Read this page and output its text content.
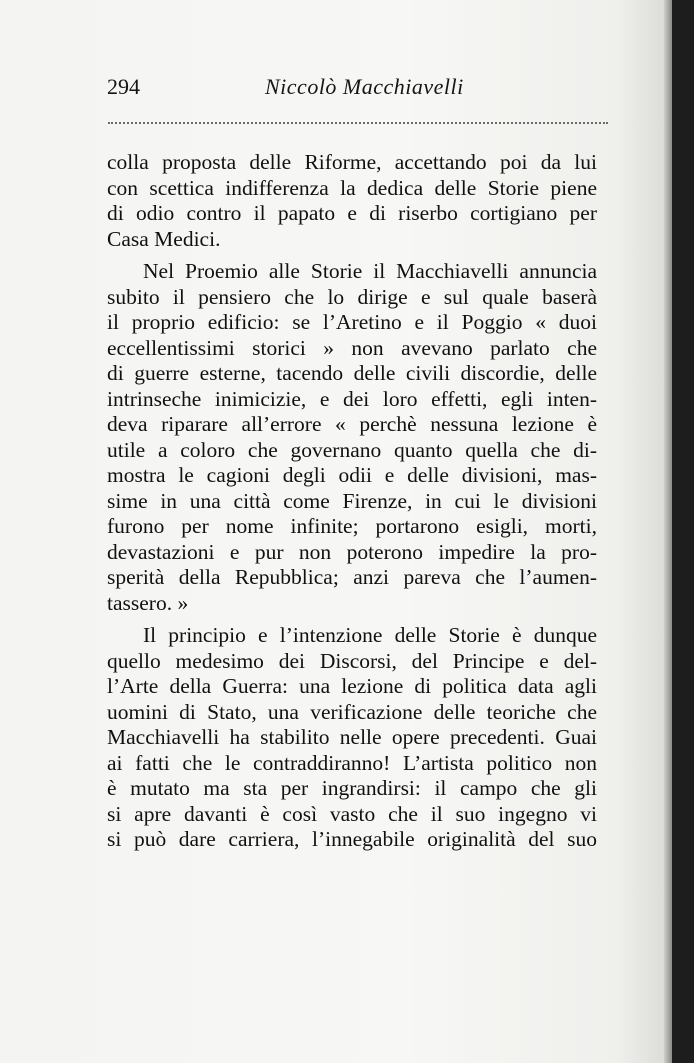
294	Niccolò Macchiavelli
colla proposta delle Riforme, accettando poi da lui
con scettica indifferenza la dedica delle Storie piene
di odio contro il papato e di riserbo cortigiano per
Casa Medici.
Nel Proemio alle Storie il Macchiavelli annuncia
subito il pensiero che lo dirige e sul quale baserà
il proprio edificio: se l’Aretino e il Poggio « duoi
eccellentissimi storici » non avevano parlato che
di guerre esterne, tacendo delle civili discordie, delle
intrinseche inimicizie, e dei loro effetti, egli inten-
deva riparare all’errore « perchè nessuna lezione è
utile a coloro che governano quanto quella che di-
mostra le cagioni degli odii e delle divisioni, mas-
sime in una città come Firenze, in cui le divisioni
furono per nome infinite; portarono esigli, morti,
devastazioni e pur non poterono impedire la pro-
sperità della Repubblica; anzi pareva che l’aumen-
tassero. »
Il principio e l’intenzione delle Storie è dunque
quello medesimo dei Discorsi, del Principe e del-
l’Arte della Guerra: una lezione di politica data agli
uomini di Stato, una verificazione delle teoriche che
Macchiavelli ha stabilito nelle opere precedenti. Guai
ai fatti che le contraddiranno! L’artista politico non
è mutato ma sta per ingrandirsi: il campo che gli
si apre davanti è così vasto che il suo ingegno vi
si può dare carriera, l’innegabile originalità del suo
